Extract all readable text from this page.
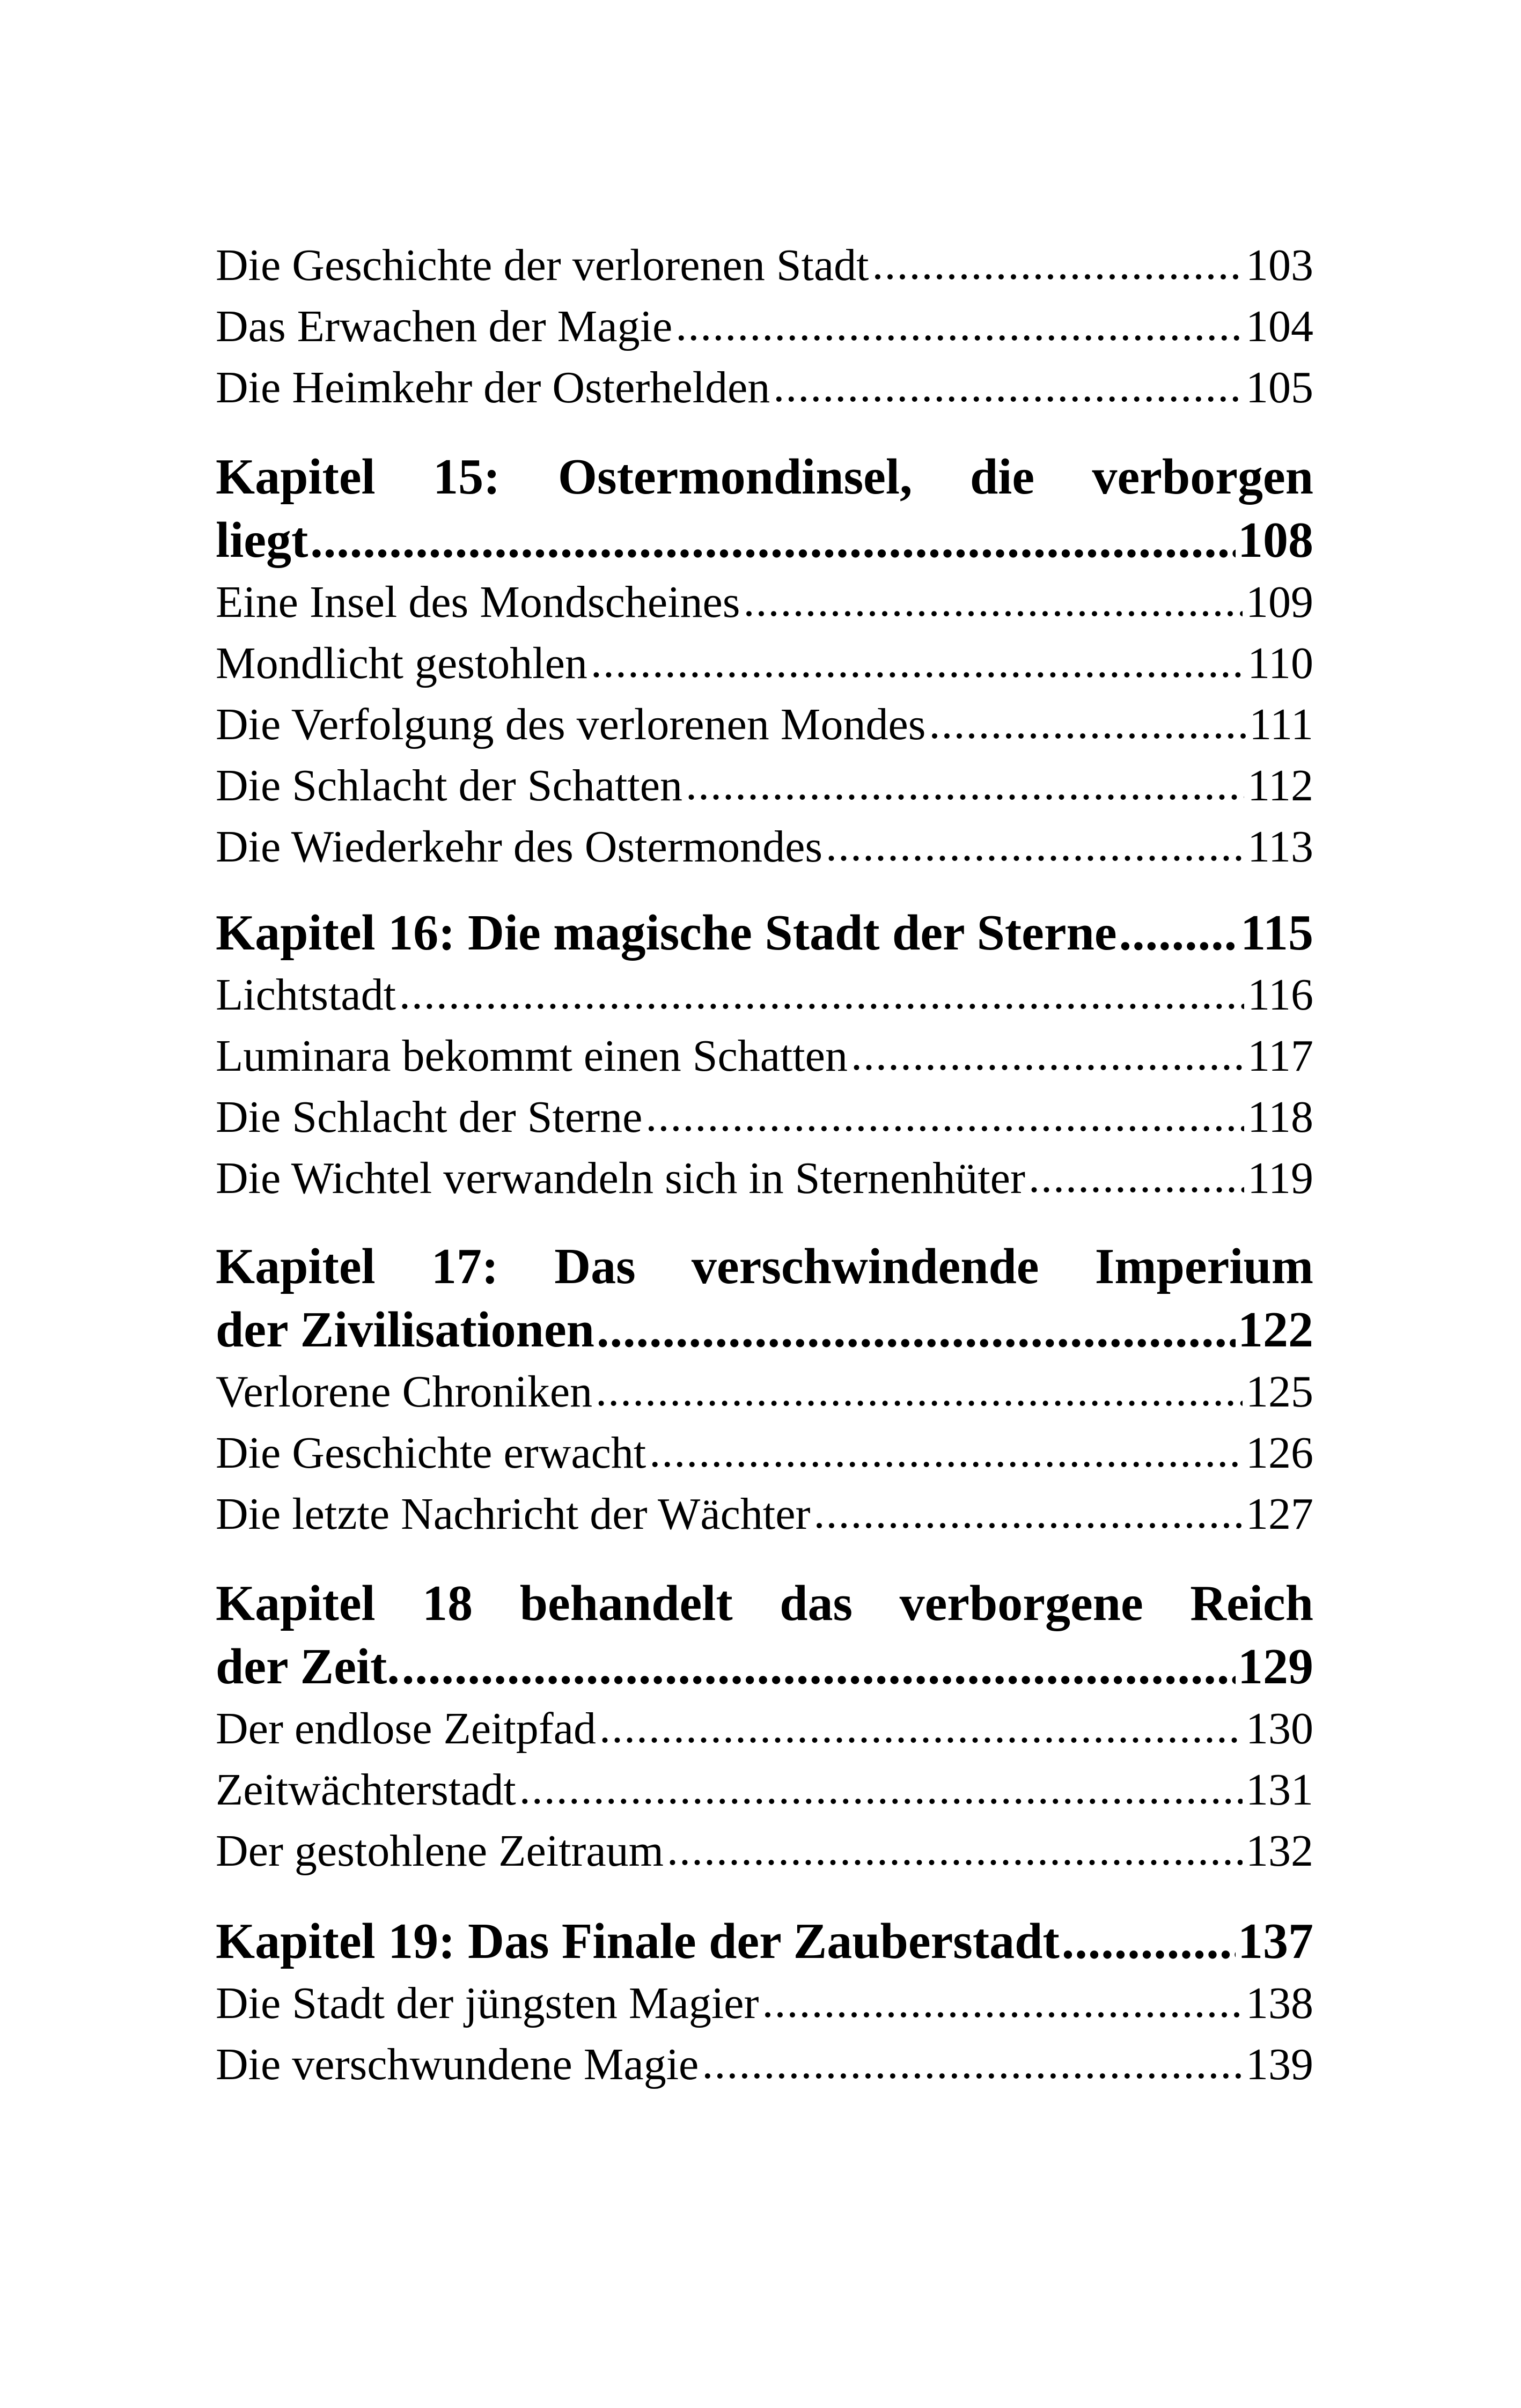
Die Geschichte der verlorenen Stadt .....	103
Das Erwachen der Magie .....	104
Die Heimkehr der Osterhelden .....	105
Kapitel 15: Ostermondinsel, die verborgen
liegt .....	108
Eine Insel des Mondscheines .....	109
Mondlicht gestohlen .....	110
Die Verfolgung des verlorenen Mondes .....	111
Die Schlacht der Schatten .....	112
Die Wiederkehr des Ostermondes .....	113
Kapitel 16: Die magische Stadt der Sterne ..... 115
Lichtstadt .....	116
Luminara bekommt einen Schatten .....	117
Die Schlacht der Sterne .....	118
Die Wichtel verwandeln sich in Sternenhüter .....	119
Kapitel 17: Das verschwindende Imperium
der Zivilisationen .....	122
Verlorene Chroniken .....	125
Die Geschichte erwacht .....	126
Die letzte Nachricht der Wächter .....	127
Kapitel 18 behandelt das verborgene Reich
der Zeit. .....	129
Der endlose Zeitpfad .....	130
Zeitwächterstadt .....	131
Der gestohlene Zeitraum .....	132
Kapitel 19: Das Finale der Zauberstadt .....	137
Die Stadt der jüngsten Magier .....	138
Die verschwundene Magie .....	139
